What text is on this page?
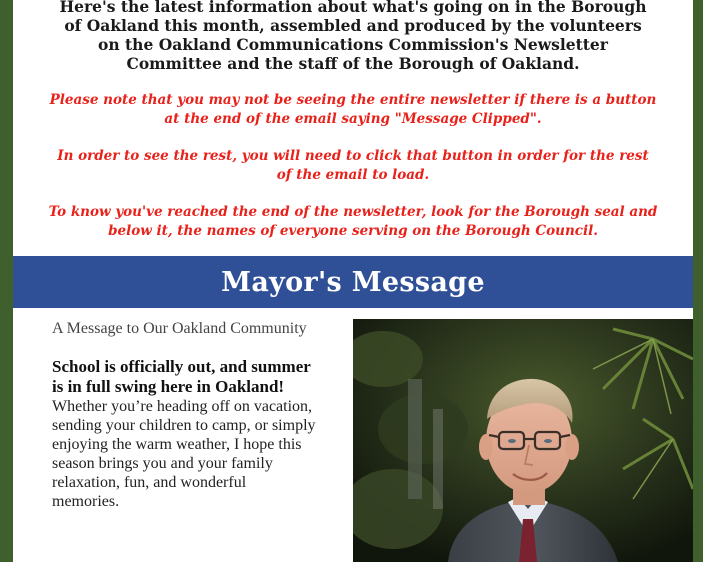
Here's the latest information about what's going on in the Borough of Oakland this month, assembled and produced by the volunteers on the Oakland Communications Commission's Newsletter Committee and the staff of the Borough of Oakland.

Please note that you may not be seeing the entire newsletter if there is a button at the end of the email saying "Message Clipped".

In order to see the rest, you will need to click that button in order for the rest of the email to load.

To know you've reached the end of the newsletter, look for the Borough seal and below it, the names of everyone serving on the Borough Council.

Mayor's Message

A Message to Our Oakland Community

School is officially out, and summer is in full swing here in Oakland! Whether you’re heading off on vacation, sending your children to camp, or simply enjoying the warm weather, I hope this season brings you and your family relaxation, fun, and wonderful memories.
